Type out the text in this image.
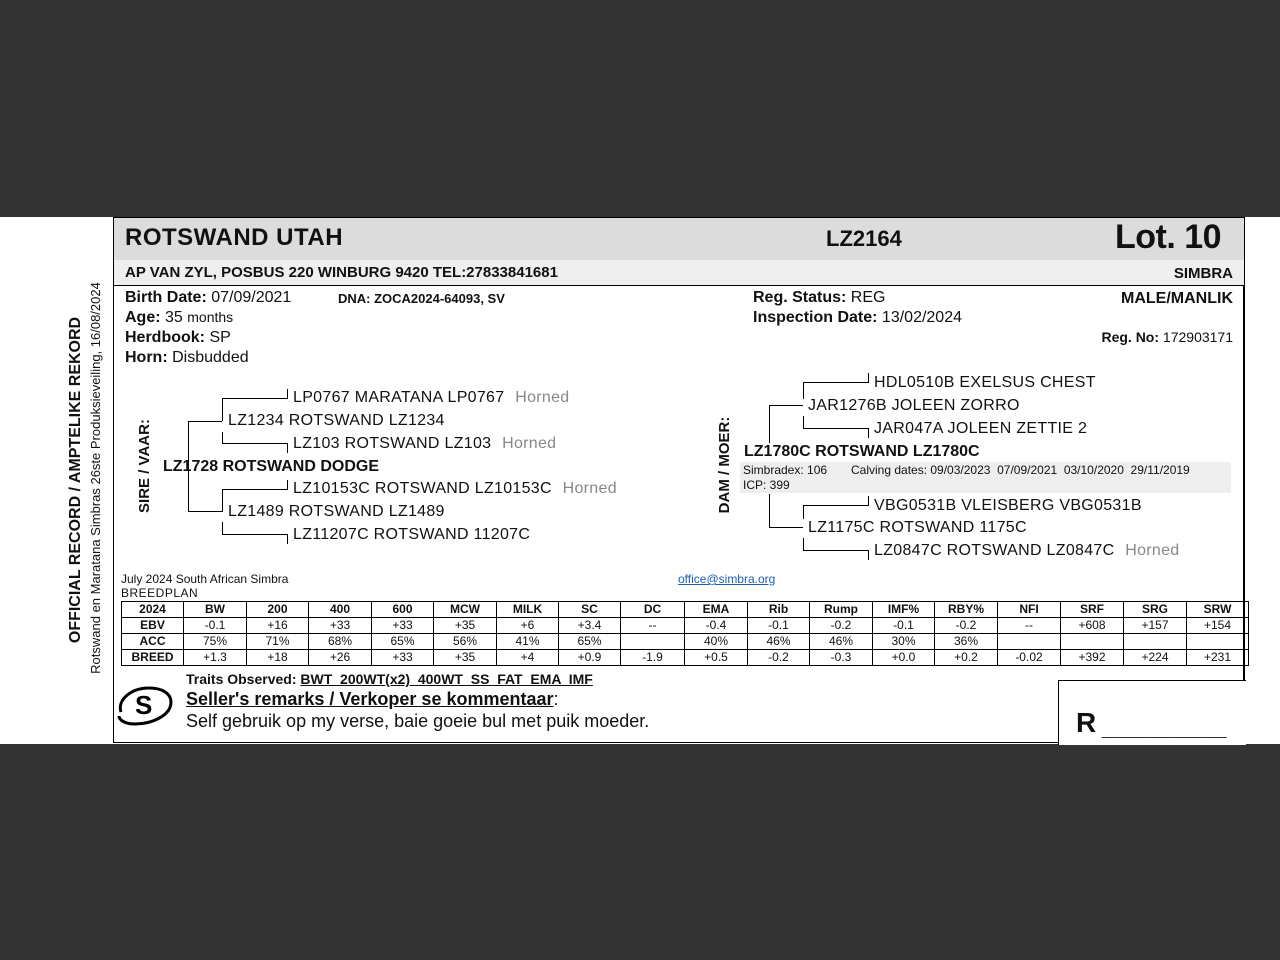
OFFICIAL RECORD / AMPTELIKE REKORD Rotswand en Maratana Simbras 26ste Produksieveiling, 16/08/2024
ROTSWAND UTAH	LZ2164	Lot. 10
AP VAN ZYL, POSBUS 220 WINBURG 9420 TEL:27833841681	SIMBRA
Birth Date: 07/09/2021	DNA: ZOCA2024-64093, SV
Age: 35 months
Herdbook: SP
Horn: Disbudded
Reg. Status: REG
Inspection Date: 13/02/2024
MALE/MANLIK
Reg. No: 172903171
SIRE / VAAR:
LP0767 MARATANA LP0767 Horned
LZ1234 ROTSWAND LZ1234
LZ103 ROTSWAND LZ103 Horned
LZ1728 ROTSWAND DODGE
LZ10153C ROTSWAND LZ10153C Horned
LZ1489 ROTSWAND LZ1489
LZ11207C ROTSWAND 11207C
DAM / MOER:
HDL0510B EXELSUS CHEST
JAR1276B JOLEEN ZORRO
JAR047A JOLEEN ZETTIE 2
LZ1780C ROTSWAND LZ1780C
Simbradex: 106 Calving dates: 09/03/2023  07/09/2021  03/10/2020  29/11/2019
ICP: 399
VBG0531B VLEISBERG VBG0531B
LZ1175C ROTSWAND 1175C
LZ0847C ROTSWAND LZ0847C Horned
July 2024 South African Simbra
BREEDPLAN
office@simbra.org
2024	BW	200	400	600	MCW	MILK	SC	DC	EMA	Rib	Rump	IMF%	RBY%	NFI	SRF	SRG	SRW
EBV	-0.1	+16	+33	+33	+35	+6	+3.4	--	-0.4	-0.1	-0.2	-0.1	-0.2	--	+608	+157	+154
ACC	75%	71%	68%	65%	56%	41%	65%		40%	46%	46%	30%	36%				
BREED	+1.3	+18	+26	+33	+35	+4	+0.9	-1.9	+0.5	-0.2	-0.3	+0.0	+0.2	-0.02	+392	+224	+231
S
Traits Observed: BWT  200WT(x2)  400WT  SS  FAT  EMA  IMF
Seller's remarks / Verkoper se kommentaar:
Self gebruik op my verse, baie goeie bul met puik moeder.	R ________________
